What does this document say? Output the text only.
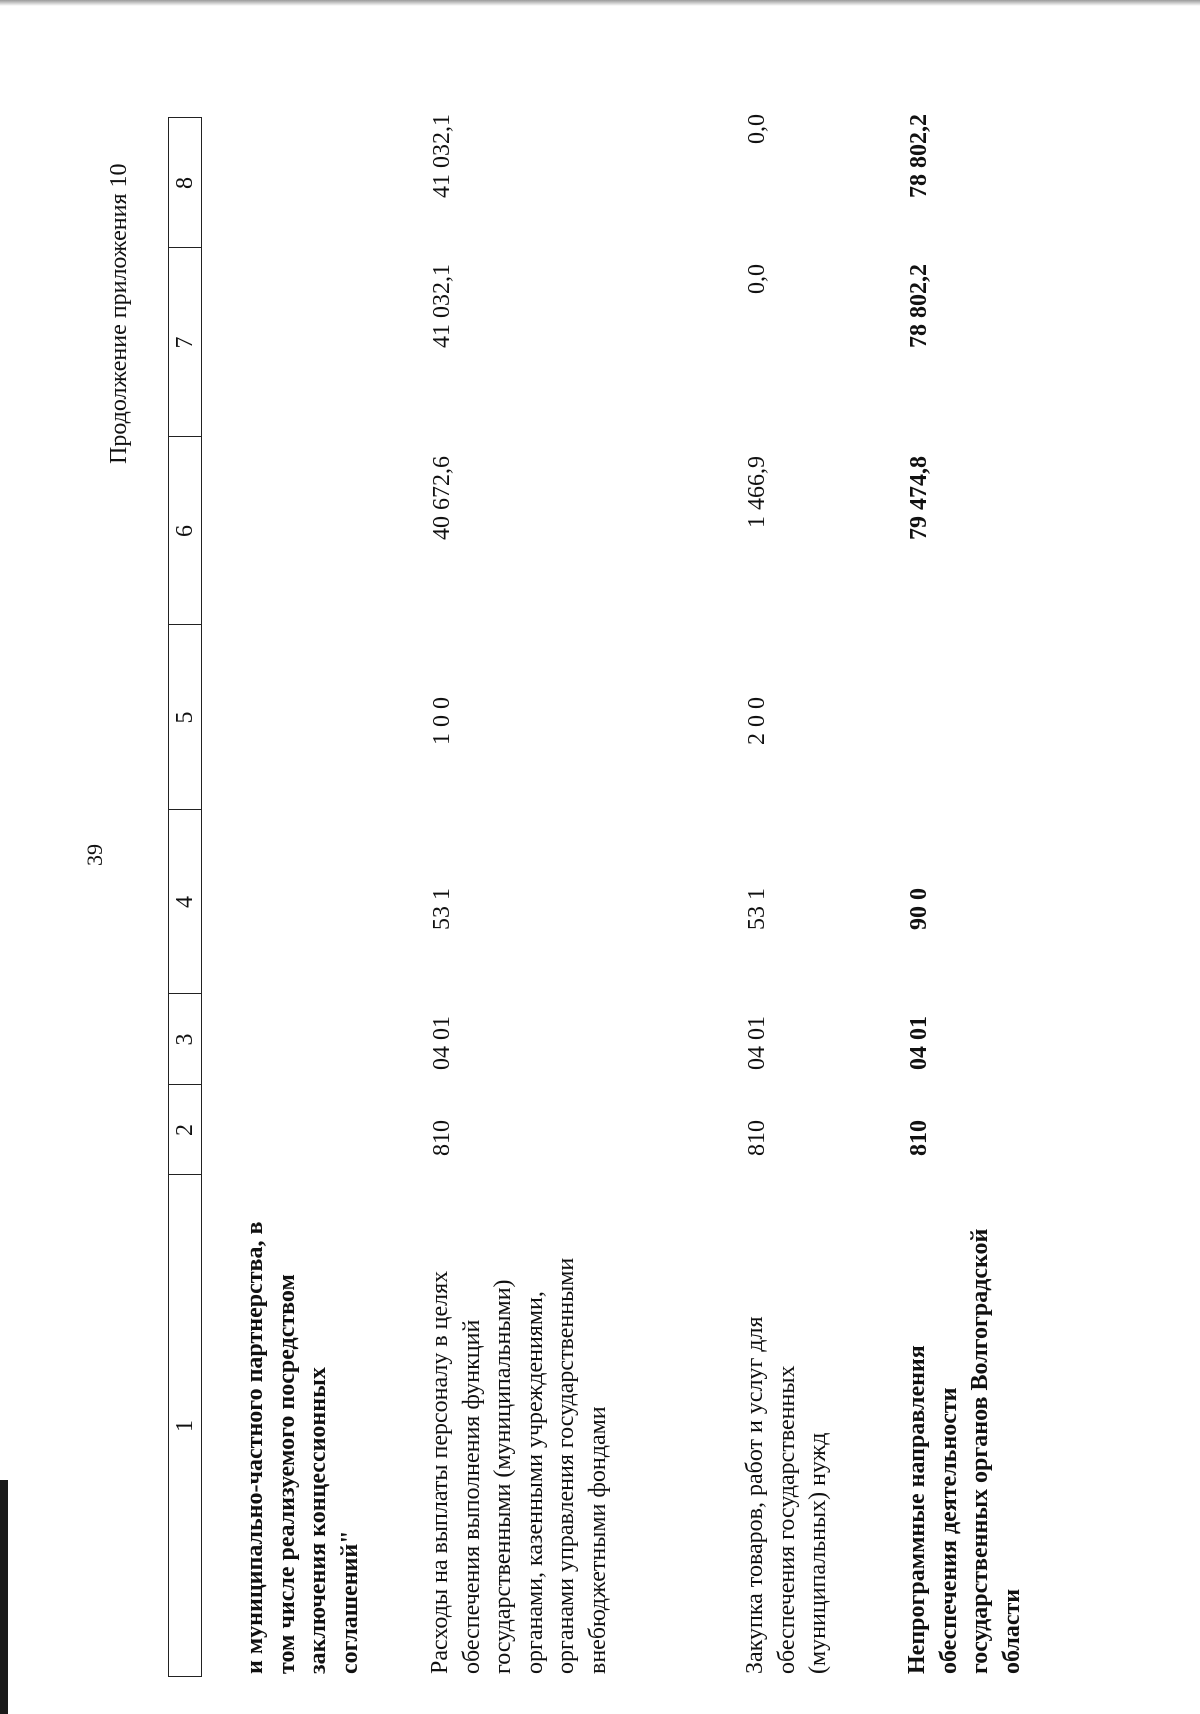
39
Продолжение приложения 10
1
2
3
4
5
6
7
8
и муниципально-частного партнерства, в том числе реализуемого посредством заключения концессионных соглашений"	Расходы на выплаты персоналу в целях обеспечения выполнения функций государственными (муниципальными) органами, казенными учреждениями, органами управления государственными внебюджетными фондами
810
04 01
53 1
1 0 0
40 672,6
41 032,1
41 032,1
Закупка товаров, работ и услуг для обеспечения государственных (муниципальных) нужд
810
04 01
53 1
2 0 0
1 466,9
0,0
0,0
Непрограммные направления обеспечения деятельности государственных органов Волгоградской области
810
04 01
90 0
79 474,8
78 802,2
78 802,2
